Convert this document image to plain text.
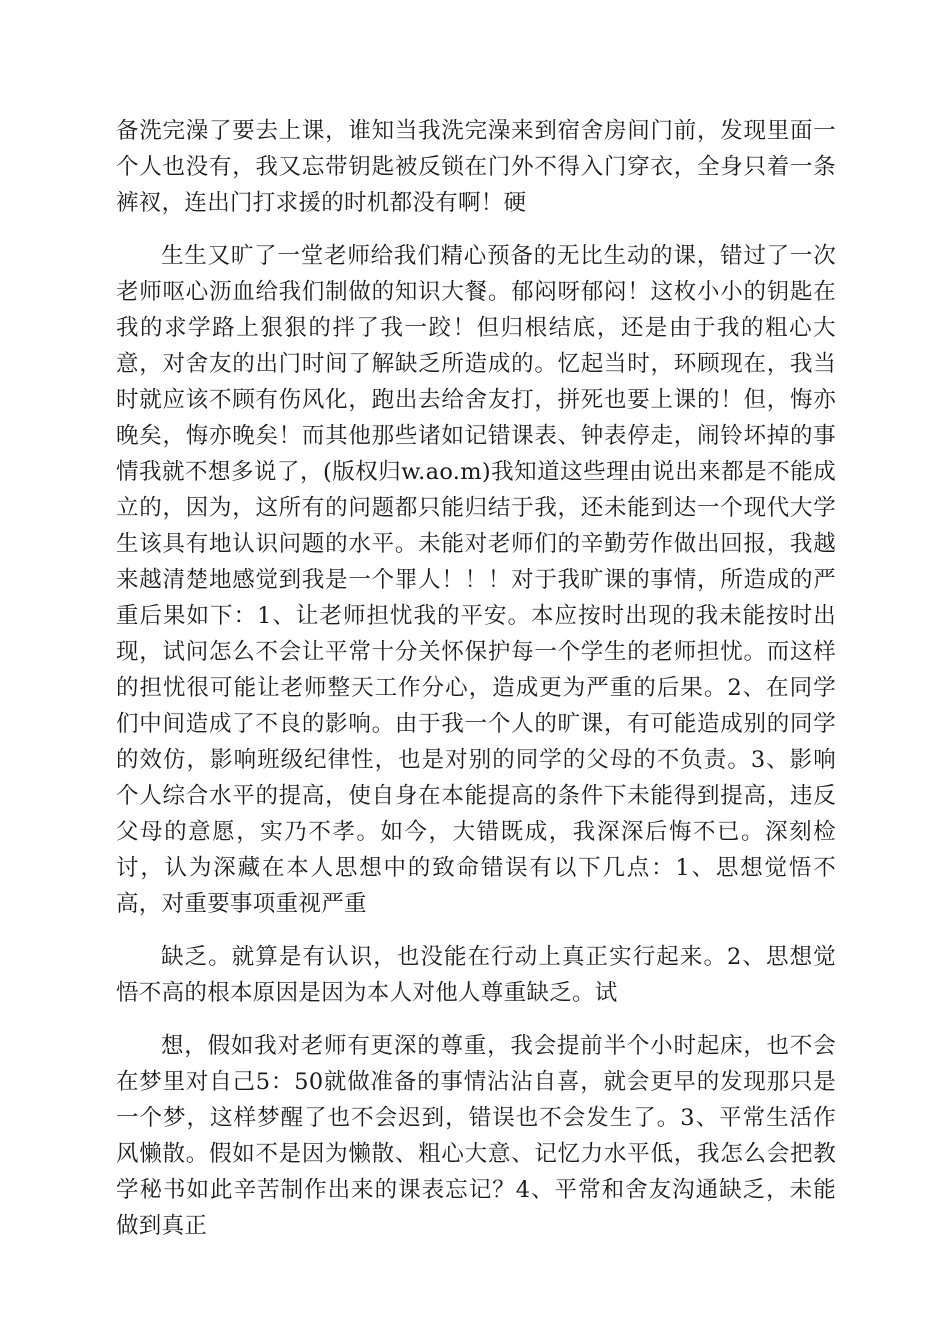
备洗完澡了要去上课，谁知当我洗完澡来到宿舍房间门前，发现里面一个人也没有，我又忘带钥匙被反锁在门外不得入门穿衣，全身只着一条裤衩，连出门打求援的时机都没有啊！硬

生生又旷了一堂老师给我们精心预备的无比生动的课，错过了一次老师呕心沥血给我们制做的知识大餐。郁闷呀郁闷！这枚小小的钥匙在我的求学路上狠狠的拌了我一跤！但归根结底，还是由于我的粗心大意，对舍友的出门时间了解缺乏所造成的。忆起当时，环顾现在，我当时就应该不顾有伤风化，跑出去给舍友打，拼死也要上课的！但，悔亦晚矣，悔亦晚矣！而其他那些诸如记错课表、钟表停走，闹铃坏掉的事情我就不想多说了，(版权归w.ao.m)我知道这些理由说出来都是不能成立的，因为，这所有的问题都只能归结于我，还未能到达一个现代大学生该具有地认识问题的水平。未能对老师们的辛勤劳作做出回报，我越来越清楚地感觉到我是一个罪人！！！对于我旷课的事情，所造成的严重后果如下：1、让老师担忧我的平安。本应按时出现的我未能按时出现，试问怎么不会让平常十分关怀保护每一个学生的老师担忧。而这样的担忧很可能让老师整天工作分心，造成更为严重的后果。2、在同学们中间造成了不良的影响。由于我一个人的旷课，有可能造成别的同学的效仿，影响班级纪律性，也是对别的同学的父母的不负责。3、影响个人综合水平的提高，使自身在本能提高的条件下未能得到提高，违反父母的意愿，实乃不孝。如今，大错既成，我深深后悔不已。深刻检讨，认为深藏在本人思想中的致命错误有以下几点：1、思想觉悟不高，对重要事项重视严重

缺乏。就算是有认识，也没能在行动上真正实行起来。2、思想觉悟不高的根本原因是因为本人对他人尊重缺乏。试

想，假如我对老师有更深的尊重，我会提前半个小时起床，也不会在梦里对自己5：50就做准备的事情沾沾自喜，就会更早的发现那只是一个梦，这样梦醒了也不会迟到，错误也不会发生了。3、平常生活作风懒散。假如不是因为懒散、粗心大意、记忆力水平低，我怎么会把教学秘书如此辛苦制作出来的课表忘记？4、平常和舍友沟通缺乏，未能做到真正
